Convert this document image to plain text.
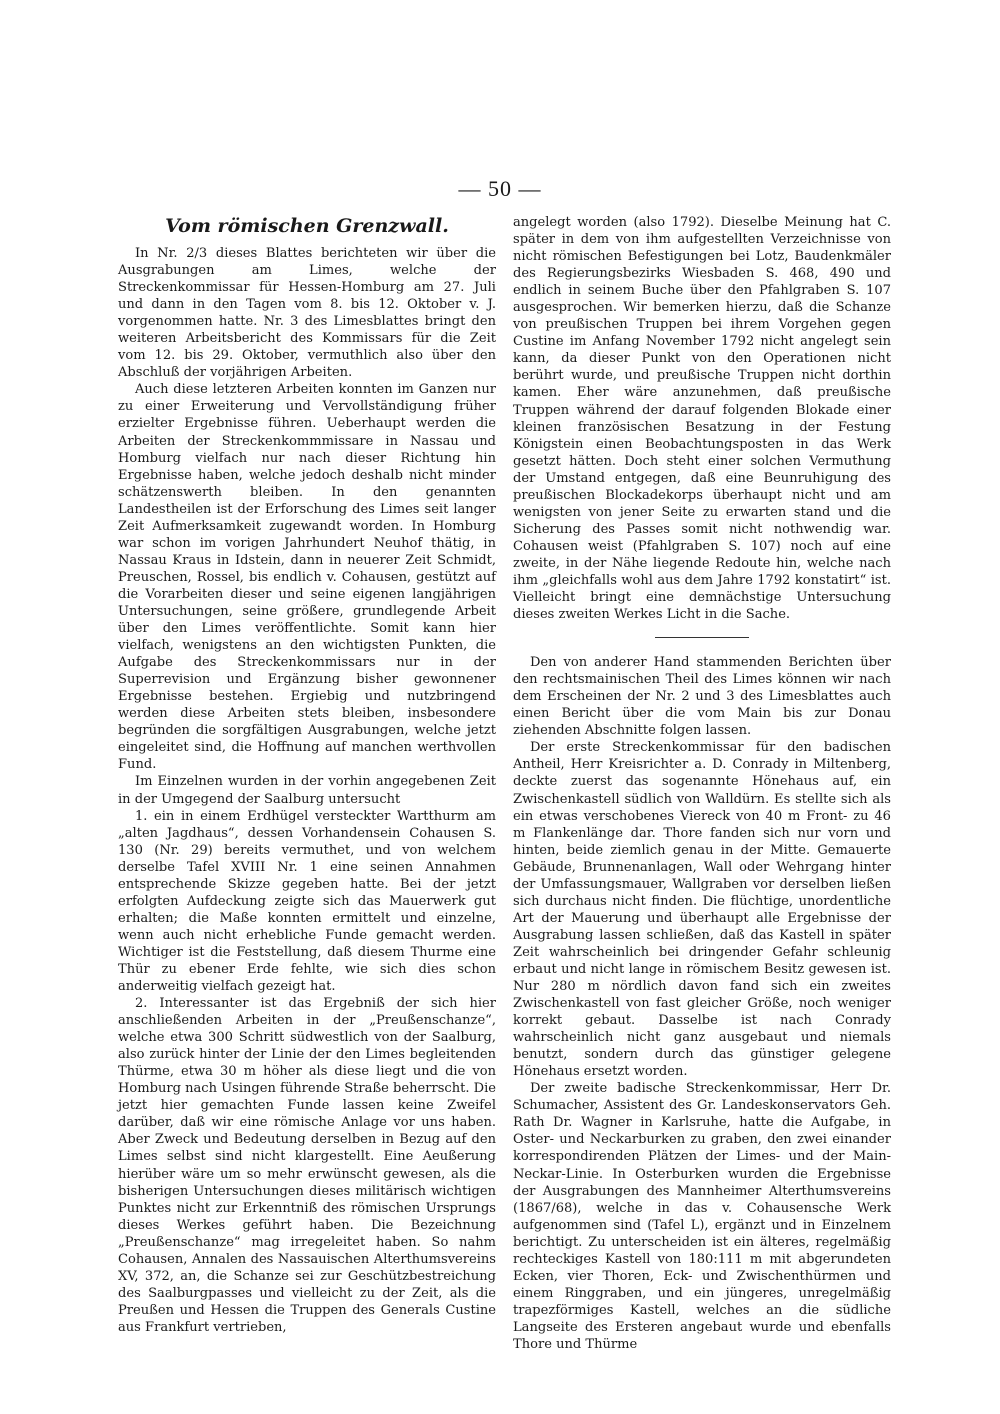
— 50 —
Vom römischen Grenzwall.

In Nr. 2/3 dieses Blattes berichteten wir über die Ausgrabungen am Limes, welche der Streckenkommissar für Hessen-Homburg am 27. Juli und dann in den Tagen vom 8. bis 12. Oktober v. J. vorgenommen hatte. Nr. 3 des Limesblattes bringt den weiteren Arbeitsbericht des Kommissars für die Zeit vom 12. bis 29. Oktober, vermuthlich also über den Abschluß der vorjährigen Arbeiten.

Auch diese letzteren Arbeiten konnten im Ganzen nur zu einer Erweiterung und Vervollständigung früher erzielter Ergebnisse führen. Ueberhaupt werden die Arbeiten der Streckenkommmissare in Nassau und Homburg vielfach nur nach dieser Richtung hin Ergebnisse haben, welche jedoch deshalb nicht minder schätzenswerth bleiben. In den genannten Landestheilen ist der Erforschung des Limes seit langer Zeit Aufmerksamkeit zugewandt worden. In Homburg war schon im vorigen Jahrhundert Neuhof thätig, in Nassau Kraus in Idstein, dann in neuerer Zeit Schmidt, Preuschen, Rossel, bis endlich v. Cohausen, gestützt auf die Vorarbeiten dieser und seine eigenen langjährigen Untersuchungen, seine größere, grundlegende Arbeit über den Limes veröffentlichte. Somit kann hier vielfach, wenigstens an den wichtigsten Punkten, die Aufgabe des Streckenkommissars nur in der Superrevision und Ergänzung bisher gewonnener Ergebnisse bestehen. Ergiebig und nutzbringend werden diese Arbeiten stets bleiben, insbesondere begründen die sorgfältigen Ausgrabungen, welche jetzt eingeleitet sind, die Hoffnung auf manchen werthvollen Fund.

Im Einzelnen wurden in der vorhin angegebenen Zeit in der Umgegend der Saalburg untersucht

1. ein in einem Erdhügel versteckter Wartthurm am „alten Jagdhaus“, dessen Vorhandensein Cohausen S. 130 (Nr. 29) bereits vermuthet, und von welchem derselbe Tafel XVIII Nr. 1 eine seinen Annahmen entsprechende Skizze gegeben hatte. Bei der jetzt erfolgten Aufdeckung zeigte sich das Mauerwerk gut erhalten; die Maße konnten ermittelt und einzelne, wenn auch nicht erhebliche Funde gemacht werden. Wichtiger ist die Feststellung, daß diesem Thurme eine Thür zu ebener Erde fehlte, wie sich dies schon anderweitig vielfach gezeigt hat.

2. Interessanter ist das Ergebniß der sich hier anschließenden Arbeiten in der „Preußenschanze“, welche etwa 300 Schritt südwestlich von der Saalburg, also zurück hinter der Linie der den Limes begleitenden Thürme, etwa 30 m höher als diese liegt und die von Homburg nach Usingen führende Straße beherrscht. Die jetzt hier gemachten Funde lassen keine Zweifel darüber, daß wir eine römische Anlage vor uns haben. Aber Zweck und Bedeutung derselben in Bezug auf den Limes selbst sind nicht klargestellt. Eine Aeußerung hierüber wäre um so mehr erwünscht gewesen, als die bisherigen Untersuchungen dieses militärisch wichtigen Punktes nicht zur Erkenntniß des römischen Ursprungs dieses Werkes geführt haben. Die Bezeichnung „Preußenschanze“ mag irregeleitet haben. So nahm Cohausen, Annalen des Nassauischen Alterthumsvereins XV, 372, an, die Schanze sei zur Geschützbestreichung des Saalburgpasses und vielleicht zu der Zeit, als die Preußen und Hessen die Truppen des Generals Custine aus Frankfurt vertrieben,

angelegt worden (also 1792). Dieselbe Meinung hat C. später in dem von ihm aufgestellten Verzeichnisse von nicht römischen Befestigungen bei Lotz, Baudenkmäler des Regierungsbezirks Wiesbaden S. 468, 490 und endlich in seinem Buche über den Pfahlgraben S. 107 ausgesprochen. Wir bemerken hierzu, daß die Schanze von preußischen Truppen bei ihrem Vorgehen gegen Custine im Anfang November 1792 nicht angelegt sein kann, da dieser Punkt von den Operationen nicht berührt wurde, und preußische Truppen nicht dorthin kamen. Eher wäre anzunehmen, daß preußische Truppen während der darauf folgenden Blokade einer kleinen französischen Besatzung in der Festung Königstein einen Beobachtungsposten in das Werk gesetzt hätten. Doch steht einer solchen Vermuthung der Umstand entgegen, daß eine Beunruhigung des preußischen Blockadekorps überhaupt nicht und am wenigsten von jener Seite zu erwarten stand und die Sicherung des Passes somit nicht nothwendig war. Cohausen weist (Pfahlgraben S. 107) noch auf eine zweite, in der Nähe liegende Redoute hin, welche nach ihm „gleichfalls wohl aus dem Jahre 1792 konstatirt“ ist. Vielleicht bringt eine demnächstige Untersuchung dieses zweiten Werkes Licht in die Sache.

Den von anderer Hand stammenden Berichten über den rechtsmainischen Theil des Limes können wir nach dem Erscheinen der Nr. 2 und 3 des Limesblattes auch einen Bericht über die vom Main bis zur Donau ziehenden Abschnitte folgen lassen.

Der erste Streckenkommissar für den badischen Antheil, Herr Kreisrichter a. D. Conrady in Miltenberg, deckte zuerst das sogenannte Hönehaus auf, ein Zwischenkastell südlich von Walldürn. Es stellte sich als ein etwas verschobenes Viereck von 40 m Front- zu 46 m Flankenlänge dar. Thore fanden sich nur vorn und hinten, beide ziemlich genau in der Mitte. Gemauerte Gebäude, Brunnenanlagen, Wall oder Wehrgang hinter der Umfassungsmauer, Wallgraben vor derselben ließen sich durchaus nicht finden. Die flüchtige, unordentliche Art der Mauerung und überhaupt alle Ergebnisse der Ausgrabung lassen schließen, daß das Kastell in später Zeit wahrscheinlich bei dringender Gefahr schleunig erbaut und nicht lange in römischem Besitz gewesen ist. Nur 280 m nördlich davon fand sich ein zweites Zwischenkastell von fast gleicher Größe, noch weniger korrekt gebaut. Dasselbe ist nach Conrady wahrscheinlich nicht ganz ausgebaut und niemals benutzt, sondern durch das günstiger gelegene Hönehaus ersetzt worden.

Der zweite badische Streckenkommissar, Herr Dr. Schumacher, Assistent des Gr. Landeskonservators Geh. Rath Dr. Wagner in Karlsruhe, hatte die Aufgabe, in Oster- und Neckarburken zu graben, den zwei einander korrespondirenden Plätzen der Limes- und der Main-Neckar-Linie. In Osterburken wurden die Ergebnisse der Ausgrabungen des Mannheimer Alterthumsvereins (1867/68), welche in das v. Cohausensche Werk aufgenommen sind (Tafel L), ergänzt und in Einzelnem berichtigt. Zu unterscheiden ist ein älteres, regelmäßig rechteckiges Kastell von 180:111 m mit abgerundeten Ecken, vier Thoren, Eck- und Zwischenthürmen und einem Ringgraben, und ein jüngeres, unregelmäßig trapezförmiges Kastell, welches an die südliche Langseite des Ersteren angebaut wurde und ebenfalls Thore und Thürme
